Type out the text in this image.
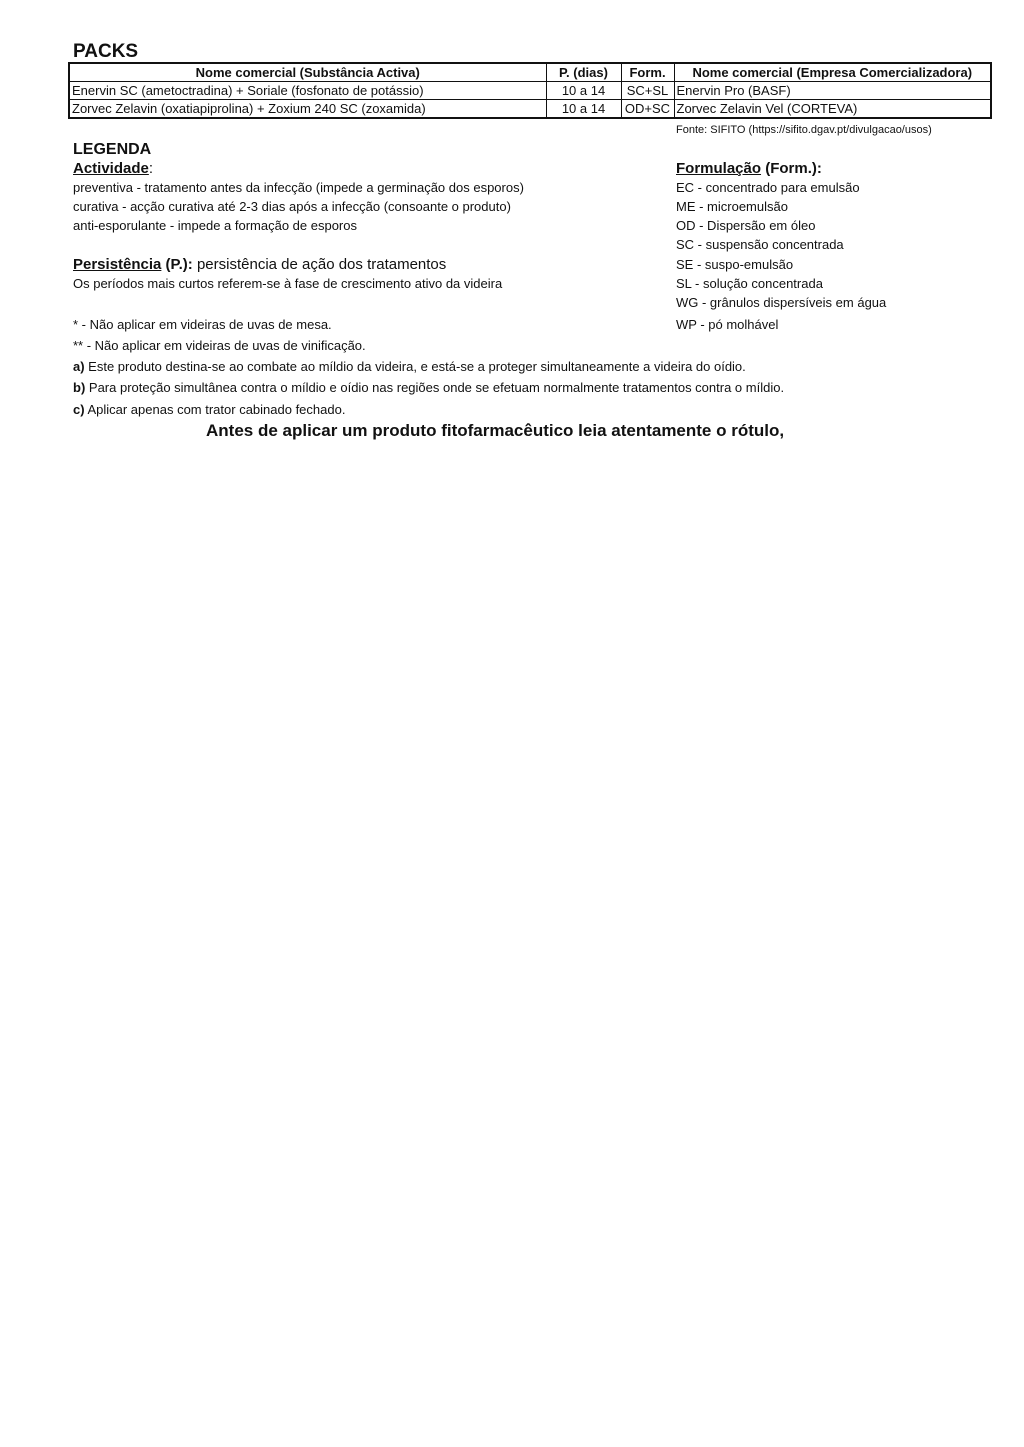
PACKS
Nome comercial (Substância Activa)	P. (dias)	Form.	Nome comercial (Empresa Comercializadora)
Enervin SC (ametoctradina) + Soriale (fosfonato de potássio)	10 a 14	SC+SL	Enervin Pro (BASF)
Zorvec Zelavin (oxatiapiprolina) + Zoxium 240 SC (zoxamida)	10 a 14	OD+SC	Zorvec Zelavin Vel (CORTEVA)
Fonte: SIFITO (https://sifito.dgav.pt/divulgacao/usos)
LEGENDA
Actividade:
preventiva - tratamento antes da infecção (impede a germinação dos esporos)
curativa - acção curativa até 2-3 dias após a infecção (consoante o produto)
anti-esporulante - impede a formação de esporos
Persistência (P.): persistência de ação dos tratamentos
Os períodos mais curtos referem-se à fase de crescimento ativo da videira
Formulação (Form.):
EC - concentrado para emulsão
ME - microemulsão
OD - Dispersão em óleo
SC - suspensão concentrada
SE - suspo-emulsão
SL - solução concentrada
WG - grânulos dispersíveis em água
WP - pó molhável
* - Não aplicar em videiras de uvas de mesa.
** - Não aplicar em videiras de uvas de vinificação.
a) Este produto destina-se ao combate ao míldio da videira, e está-se a proteger simultaneamente a videira do oídio.
b) Para proteção simultânea contra o míldio e oídio nas regiões onde se efetuam normalmente tratamentos contra o míldio.
c) Aplicar apenas com trator cabinado fechado.
Antes de aplicar um produto fitofarmacêutico leia atentamente o rótulo,
